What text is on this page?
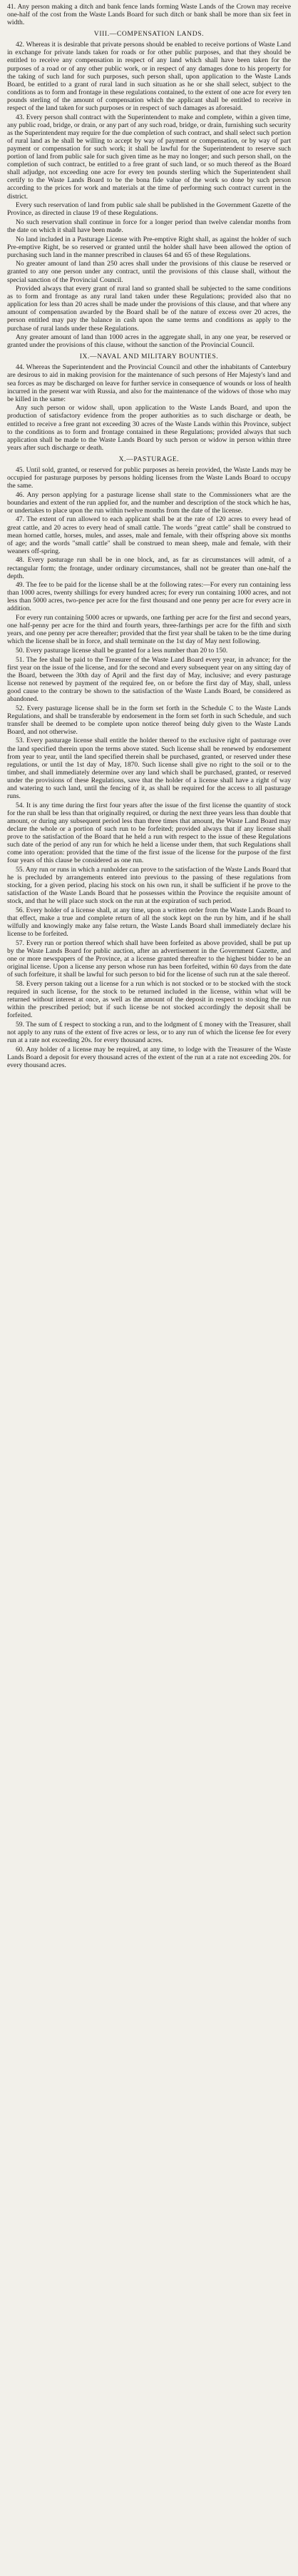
41. Any person making a ditch and bank fence lands forming Waste Lands of the Crown may receive one-half of the cost from the Waste Lands Board for such ditch or bank shall be more than six feet in width.

VIII.—COMPENSATION LANDS.

42. Whereas it is desirable that private persons should be enabled to receive portions of Waste Land in exchange for private lands taken for roads or for other public purposes, and that they should be entitled to receive any compensation in respect of any land which shall have been taken for the purposes of a road or of any other public work, or in respect of any damages done to his property for the taking of such land for such purposes, such person shall, upon application to the Waste Lands Board, be entitled to a grant of rural land in such situation as he or she shall select, subject to the conditions as to form and frontage in these regulations contained, to the extent of one acre for every ten pounds sterling of the amount of compensation which the applicant shall be entitled to receive in respect of the land taken for such purposes or in respect of such damages as aforesaid.

43. Every person shall contract with the Superintendent to make and complete, within a given time, any public road, bridge, or drain, or any part of any such road, bridge, or drain, furnishing such security as the Superintendent may require for the due completion of such contract, and shall select such portion of rural land as he shall be willing to accept by way of payment or compensation, or by way of part payment or compensation for such work; it shall be lawful for the Superintendent to reserve such portion of land from public sale for such given time as he may no longer; and such person shall, on the completion of such contract, be entitled to a free grant of such land, or so much thereof as the Board shall adjudge, not exceeding one acre for every ten pounds sterling which the Superintendent shall certify to the Waste Lands Board to be the bona fide value of the work so done by such person according to the prices for work and materials at the time of performing such contract current in the district.

Every such reservation of land from public sale shall be published in the Government Gazette of the Province, as directed in clause 19 of these Regulations.

No such reservation shall continue in force for a longer period than twelve calendar months from the date on which it shall have been made.

No land included in a Pasturage License with Pre-emptive Right shall, as against the holder of such Pre-emptive Right, be so reserved or granted until the holder shall have been allowed the option of purchasing such land in the manner prescribed in clauses 64 and 65 of these Regulations.

No greater amount of land than 250 acres shall under the provisions of this clause be reserved or granted to any one person under any contract, until the provisions of this clause shall, without the special sanction of the Provincial Council.

Provided always that every grant of rural land so granted shall be subjected to the same conditions as to form and frontage as any rural land taken under these Regulations; provided also that no application for less than 20 acres shall be made under the provisions of this clause, and that where any amount of compensation awarded by the Board shall be of the nature of excess over 20 acres, the person entitled may pay the balance in cash upon the same terms and conditions as apply to the purchase of rural lands under these Regulations.

Any greater amount of land than 1000 acres in the aggregate shall, in any one year, be reserved or granted under the provisions of this clause, without the sanction of the Provincial Council.

IX.—NAVAL AND MILITARY BOUNTIES.

44. Whereas the Superintendent and the Provincial Council and other the inhabitants of Canterbury are desirous to aid in making provision for the maintenance of such persons of Her Majesty's land and sea forces as may be discharged on leave for further service in consequence of wounds or loss of health incurred in the present war with Russia, and also for the maintenance of the widows of those who may be killed in the same:

Any such person or widow shall, upon application to the Waste Lands Board, and upon the production of satisfactory evidence from the proper authorities as to such discharge or death, be entitled to receive a free grant not exceeding 30 acres of the Waste Lands within this Province, subject to the conditions as to form and frontage contained in these Regulations; provided always that such application shall be made to the Waste Lands Board by such person or widow in person within three years after such discharge or death.

X.—PASTURAGE.

45. Until sold, granted, or reserved for public purposes as herein provided, the Waste Lands may be occupied for pasturage purposes by persons holding licenses from the Waste Lands Board to occupy the same.

46. Any person applying for a pasturage license shall state to the Commissioners what are the boundaries and extent of the run applied for, and the number and description of the stock which he has, or undertakes to place upon the run within twelve months from the date of the license.

47. The extent of run allowed to each applicant shall be at the rate of 120 acres to every head of great cattle, and 20 acres to every head of small cattle. The words "great cattle" shall be construed to mean horned cattle, horses, mules, and asses, male and female, with their offspring above six months of age; and the words "small cattle" shall be construed to mean sheep, male and female, with their weaners off-spring.

48. Every pasturage run shall be in one block, and, as far as circumstances will admit, of a rectangular form; the frontage, under ordinary circumstances, shall not be greater than one-half the depth.

49. The fee to be paid for the license shall be at the following rates:—For every run containing less than 1000 acres, twenty shillings for every hundred acres; for every run containing 1000 acres, and not less than 5000 acres, two-pence per acre for the first thousand and one penny per acre for every acre in addition.

For every run containing 5000 acres or upwards, one farthing per acre for the first and second years, one half-penny per acre for the third and fourth years, three-farthings per acre for the fifth and sixth years, and one penny per acre thereafter; provided that the first year shall be taken to be the time during which the license shall be in force, and shall terminate on the 1st day of May next following.

50. Every pasturage license shall be granted for a less number than 20 to 150.

51. The fee shall be paid to the Treasurer of the Waste Land Board every year, in advance; for the first year on the issue of the license, and for the second and every subsequent year on any sitting day of the Board, between the 30th day of April and the first day of May, inclusive; and every pasturage license not renewed by payment of the required fee, on or before the first day of May, shall, unless good cause to the contrary be shown to the satisfaction of the Waste Lands Board, be considered as abandoned.

52. Every pasturage license shall be in the form set forth in the Schedule C to the Waste Lands Regulations, and shall be transferable by endorsement in the form set forth in such Schedule, and such transfer shall be deemed to be complete upon notice thereof being duly given to the Waste Lands Board, and not otherwise.

53. Every pasturage license shall entitle the holder thereof to the exclusive right of pasturage over the land specified therein upon the terms above stated. Such license shall be renewed by endorsement from year to year, until the land specified therein shall be purchased, granted, or reserved under these regulations, or until the 1st day of May, 1870. Such license shall give no right to the soil or to the timber, and shall immediately determine over any land which shall be purchased, granted, or reserved under the provisions of these Regulations, save that the holder of a license shall have a right of way and watering to such land, until the fencing of it, as shall be required for the access to all pasturage runs.

54. It is any time during the first four years after the issue of the first license the quantity of stock for the run shall be less than that originally required, or during the next three years less than double that amount, or during any subsequent period less than three times that amount, the Waste Land Board may declare the whole or a portion of such run to be forfeited; provided always that if any license shall prove to the satisfaction of the Board that he held a run with respect to the issue of these Regulations such date of the period of any run for which he held a license under them, that such Regulations shall come into operation: provided that the time of the first issue of the license for the purpose of the first four years of this clause be considered as one run.

55. Any run or runs in which a runholder can prove to the satisfaction of the Waste Lands Board that he is precluded by arrangements entered into previous to the passing of these regulations from stocking, for a given period, placing his stock on his own run, it shall be sufficient if he prove to the satisfaction of the Waste Lands Board that he possesses within the Province the requisite amount of stock, and that he will place such stock on the run at the expiration of such period.

56. Every holder of a license shall, at any time, upon a written order from the Waste Lands Board to that effect, make a true and complete return of all the stock kept on the run by him, and if he shall wilfully and knowingly make any false return, the Waste Lands Board shall immediately declare his license to be forfeited.

57. Every run or portion thereof which shall have been forfeited as above provided, shall be put up by the Waste Lands Board for public auction, after an advertisement in the Government Gazette, and one or more newspapers of the Province, at a license granted thereafter to the highest bidder to be an original license. Upon a license any person whose run has been forfeited, within 60 days from the date of such forfeiture, it shall be lawful for such person to bid for the license of such run at the sale thereof.

58. Every person taking out a license for a run which is not stocked or to be stocked with the stock required in such license, for the stock to be returned included in the license, within what will be returned without interest at once, as well as the amount of the deposit in respect to stocking the run within the prescribed period; but if such license be not stocked accordingly the deposit shall be forfeited.

59. The sum of ₤ respect to stocking a run, and to the lodgment of ₤ money with the Treasurer, shall not apply to any runs of the extent of five acres or less, or to any run of which the license fee for every run at a rate not exceeding 20s. for every thousand acres.

60. Any holder of a license may be required, at any time, to lodge with the Treasurer of the Waste Lands Board a deposit for every thousand acres of the extent of the run at a rate not exceeding 20s. for every thousand acres.
